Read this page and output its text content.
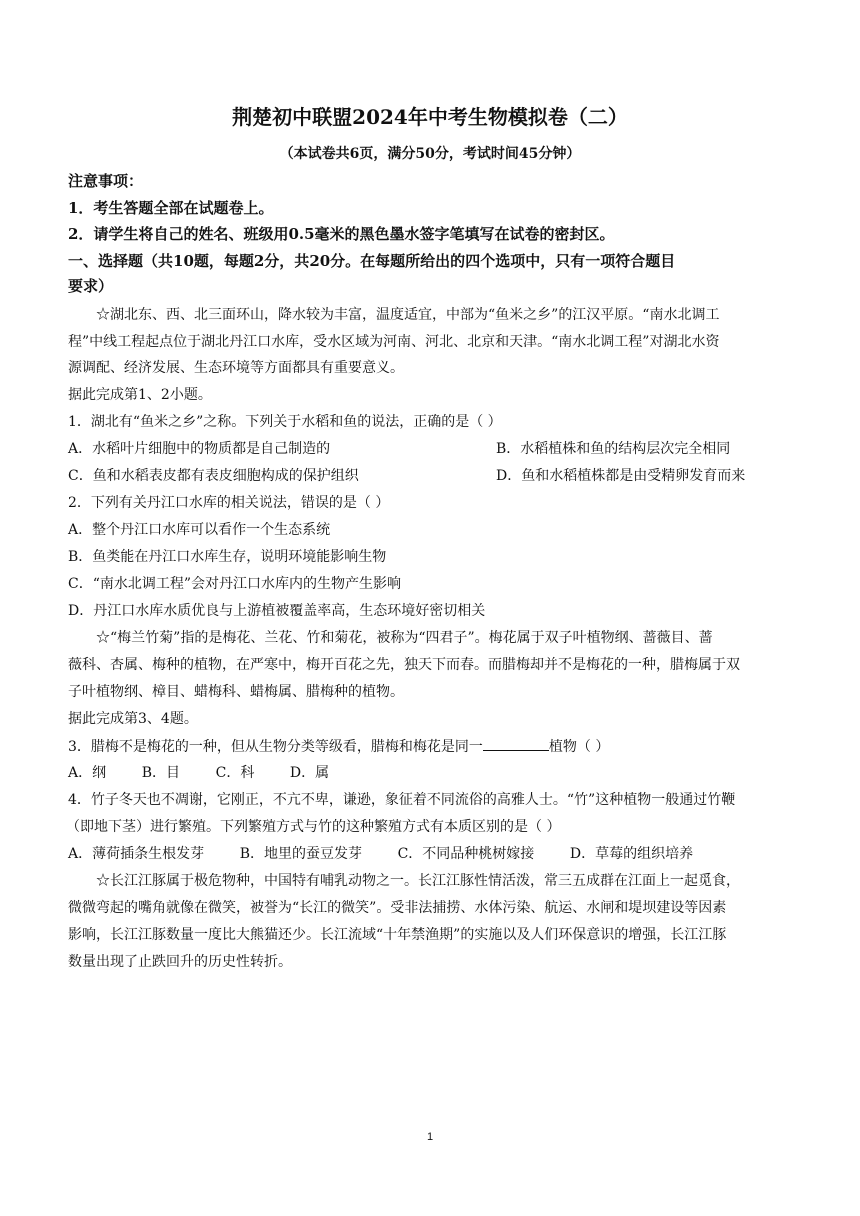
荆楚初中联盟2024年中考生物模拟卷（二）
（本试卷共6页，满分50分，考试时间45分钟）
注意事项：
1．考生答题全部在试题卷上。
2．请学生将自己的姓名、班级用0.5毫米的黑色墨水签字笔填写在试卷的密封区。
一、选择题（共10题，每题2分，共20分。在每题所给出的四个选项中，只有一项符合题目
要求）
☆湖北东、西、北三面环山，降水较为丰富，温度适宜，中部为“鱼米之乡”的江汉平原。“南水北调工
程”中线工程起点位于湖北丹江口水库，受水区域为河南、河北、北京和天津。“南水北调工程”对湖北水资
源调配、经济发展、生态环境等方面都具有重要意义。
据此完成第1、2小题。
1．湖北有“鱼米之乡”之称。下列关于水稻和鱼的说法，正确的是（ ）
A．水稻叶片细胞中的物质都是自己制造的	B．水稻植株和鱼的结构层次完全相同
C．鱼和水稻表皮都有表皮细胞构成的保护组织	D．鱼和水稻植株都是由受精卵发育而来
2．下列有关丹江口水库的相关说法，错误的是（ ）
A．整个丹江口水库可以看作一个生态系统
B．鱼类能在丹江口水库生存，说明环境能影响生物
C．“南水北调工程”会对丹江口水库内的生物产生影响
D．丹江口水库水质优良与上游植被覆盖率高，生态环境好密切相关
☆“梅兰竹菊”指的是梅花、兰花、竹和菊花，被称为“四君子”。梅花属于双子叶植物纲、蔷薇目、蔷
薇科、杏属、梅种的植物，在严寒中，梅开百花之先，独天下而春。而腊梅却并不是梅花的一种，腊梅属于双
子叶植物纲、樟目、蜡梅科、蜡梅属、腊梅种的植物。
据此完成第3、4题。
3．腊梅不是梅花的一种，但从生物分类等级看，腊梅和梅花是同一	植物（ ）
A．纲        B．目        C．科        D．属
4．竹子冬天也不凋谢，它刚正，不亢不卑，谦逊，象征着不同流俗的高雅人士。“竹”这种植物一般通过竹鞭
（即地下茎）进行繁殖。下列繁殖方式与竹的这种繁殖方式有本质区别的是（ ）
A．薄荷插条生根发芽        B．地里的蚕豆发芽        C．不同品种桃树嫁接        D．草莓的组织培养
☆长江江豚属于极危物种，中国特有哺乳动物之一。长江江豚性情活泼，常三五成群在江面上一起觅食，
微微弯起的嘴角就像在微笑，被誉为“长江的微笑”。受非法捕捞、水体污染、航运、水闸和堤坝建设等因素
影响，长江江豚数量一度比大熊猫还少。长江流域“十年禁渔期”的实施以及人们环保意识的增强，长江江豚
数量出现了止跌回升的历史性转折。
1
